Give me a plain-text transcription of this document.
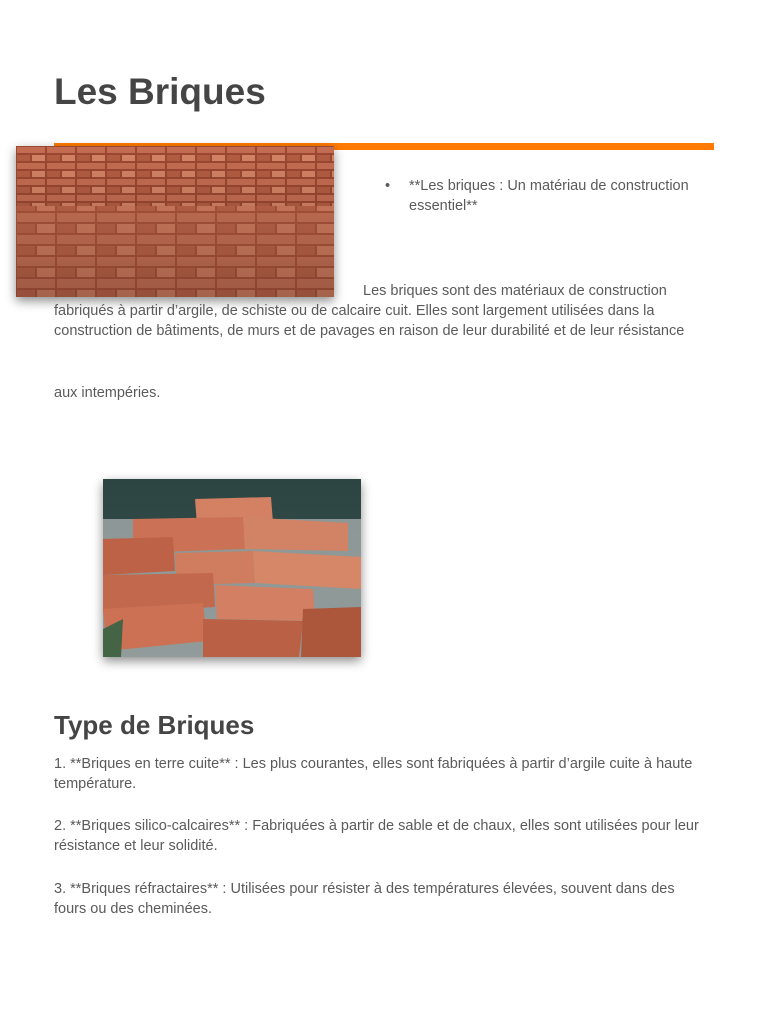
Les Briques
• **Les briques : Un matériau de construction essentiel**
Les briques sont des matériaux de construction fabriqués à partir d’argile, de schiste ou de calcaire cuit. Elles sont largement utilisées dans la construction de bâtiments, de murs et de pavages en raison de leur durabilité et de leur résistance
aux intempéries.
Type de Briques
1. **Briques en terre cuite** : Les plus courantes, elles sont fabriquées à partir d’argile cuite à haute température.
2. **Briques silico-calcaires** : Fabriquées à partir de sable et de chaux, elles sont utilisées pour leur résistance et leur solidité.
3. **Briques réfractaires** : Utilisées pour résister à des températures élevées, souvent dans des fours ou des cheminées.
